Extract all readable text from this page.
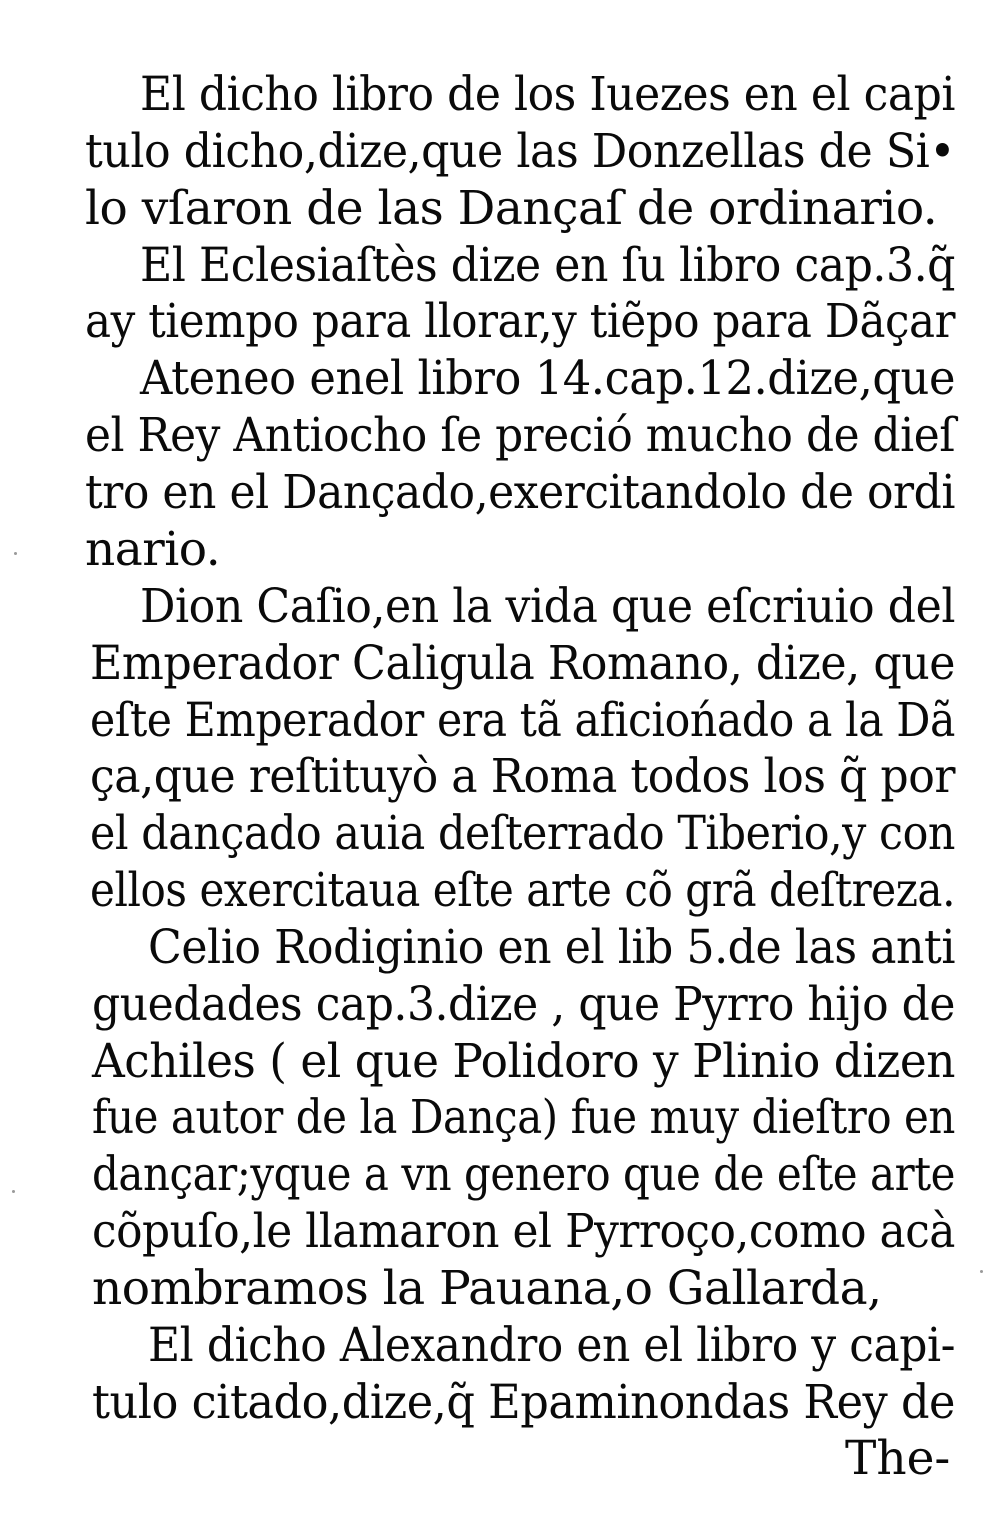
El dicho libro de los Iuezes en el capi
tulo dicho,dize,que las Donzellas de Si•
lo vſaron de las Dançaſ de ordinario.
El Eclesiaſtès dize en ſu libro cap.3.q̃
ay tiempo para llorar,y tiẽpo para Dãçar
Ateneo enel libro 14.cap.12.dize,que
el Rey Antiocho ſe preció mucho de dieſ
tro en el Dançado,exercitandolo de ordi
nario.
Dion Caſio,en la vida que eſcriuio del
Emperador Caligula Romano, dize, que
eſte Emperador era tã aficiońado a la Dã
ça,que reſtituyò a Roma todos los q̃ por
el dançado auia deſterrado Tiberio,y con
ellos exercitaua eſte arte cõ grã deſtreza.
Celio Rodiginio en el lib 5.de las anti
guedades cap.3.dize , que Pyrro hijo de
Achiles ( el que Polidoro y Plinio dizen
fue autor de la Dança) fue muy dieſtro en
dançar;yque a vn genero que de eſte arte
cõpuſo,le llamaron el Pyrroço,como acà
nombramos la Pauana,o Gallarda,
El dicho Alexandro en el libro y capi-
tulo citado,dize,q̃ Epaminondas Rey de
The-
